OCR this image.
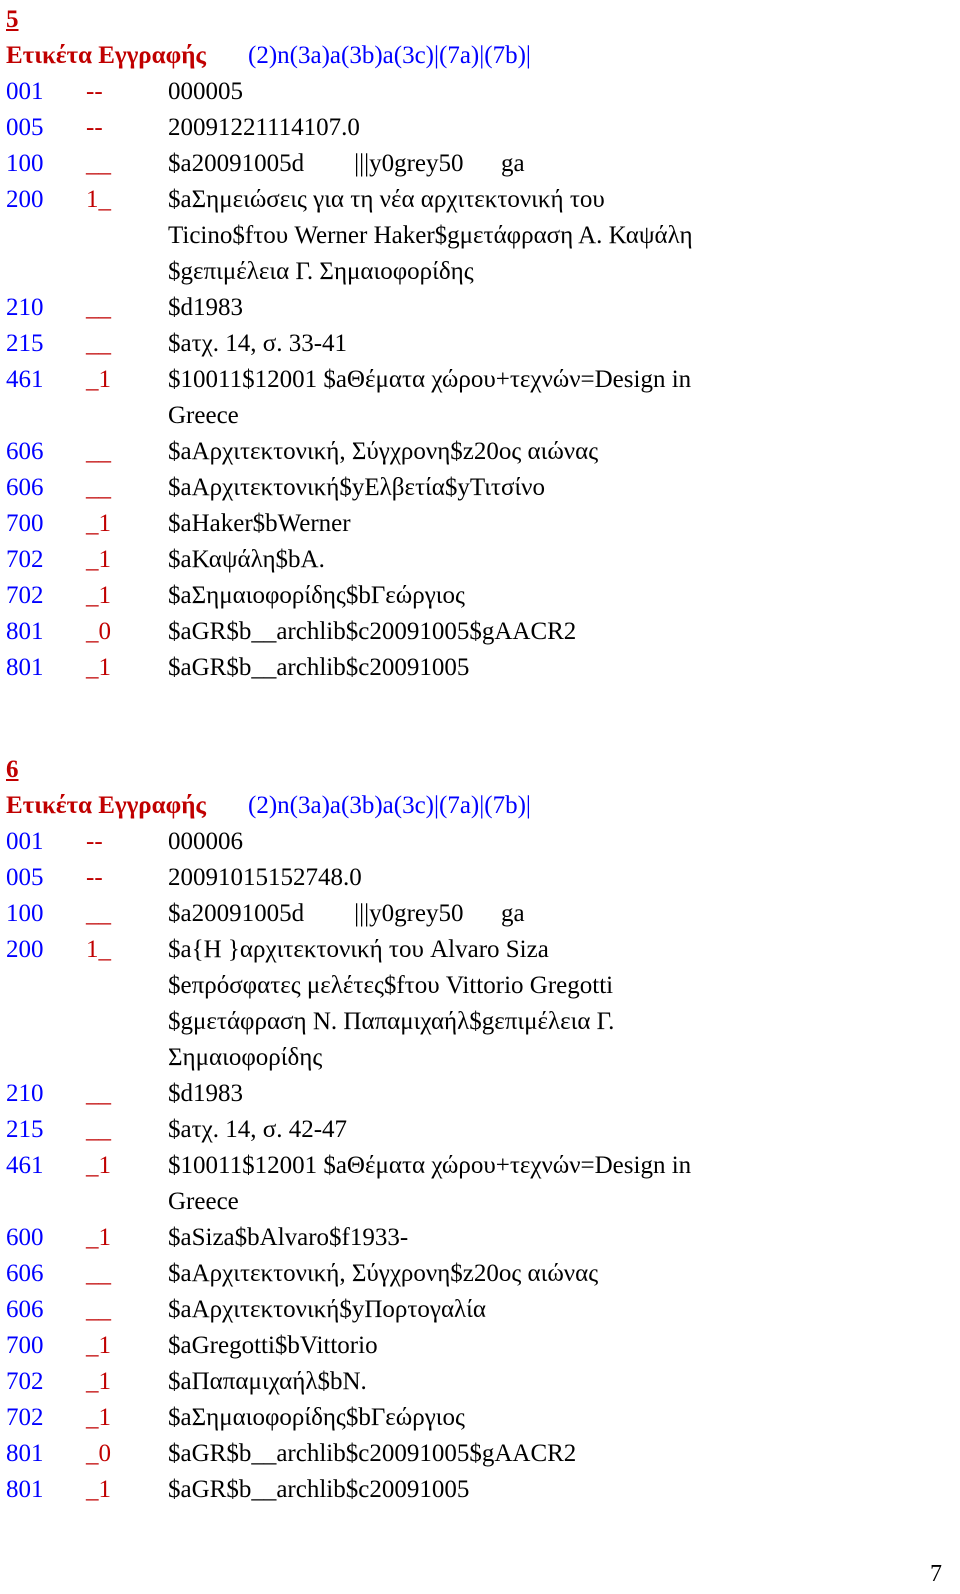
5
Ετικέτα Εγγραφής	(2)n(3a)a(3b)a(3c)|(7a)|(7b)|
001	--	000005
005	--	20091221114107.0
100	__	$a20091005d        |||y0grey50      ga
200	1_	$aΣημειώσεις για τη νέα αρχιτεκτονική του
Ticino$fτου Werner Haker$gμετάφραση Α. Καψάλη
$gεπιμέλεια Γ. Σημαιοφορίδης
210	__	$d1983
215	__	$aτχ. 14, σ. 33-41
461	_1	$10011$12001 $aΘέματα χώρου+τεχνών=Design in
Greece
606	__	$aΑρχιτεκτονική, Σύγχρονη$z20ος αιώνας
606	__	$aΑρχιτεκτονική$yΕλβετία$yΤιτσίνο
700	_1	$aHaker$bWerner
702	_1	$aΚαψάλη$bΑ.
702	_1	$aΣημαιοφορίδης$bΓεώργιος
801	_0	$aGR$b__archlib$c20091005$gAACR2
801	_1	$aGR$b__archlib$c20091005
6
Ετικέτα Εγγραφής	(2)n(3a)a(3b)a(3c)|(7a)|(7b)|
001	--	000006
005	--	20091015152748.0
100	__	$a20091005d        |||y0grey50      ga
200	1_	$a{Η }αρχιτεκτονική του Alvaro Siza
$eπρόσφατες μελέτες$fτου Vittorio Gregotti
$gμετάφραση Ν. Παπαμιχαήλ$gεπιμέλεια Γ.
Σημαιοφορίδης
210	__	$d1983
215	__	$aτχ. 14, σ. 42-47
461	_1	$10011$12001 $aΘέματα χώρου+τεχνών=Design in
Greece
600	_1	$aSiza$bAlvaro$f1933-
606	__	$aΑρχιτεκτονική, Σύγχρονη$z20ος αιώνας
606	__	$aΑρχιτεκτονική$yΠορτογαλία
700	_1	$aGregotti$bVittorio
702	_1	$aΠαπαμιχαήλ$bΝ.
702	_1	$aΣημαιοφορίδης$bΓεώργιος
801	_0	$aGR$b__archlib$c20091005$gAACR2
801	_1	$aGR$b__archlib$c20091005
7
